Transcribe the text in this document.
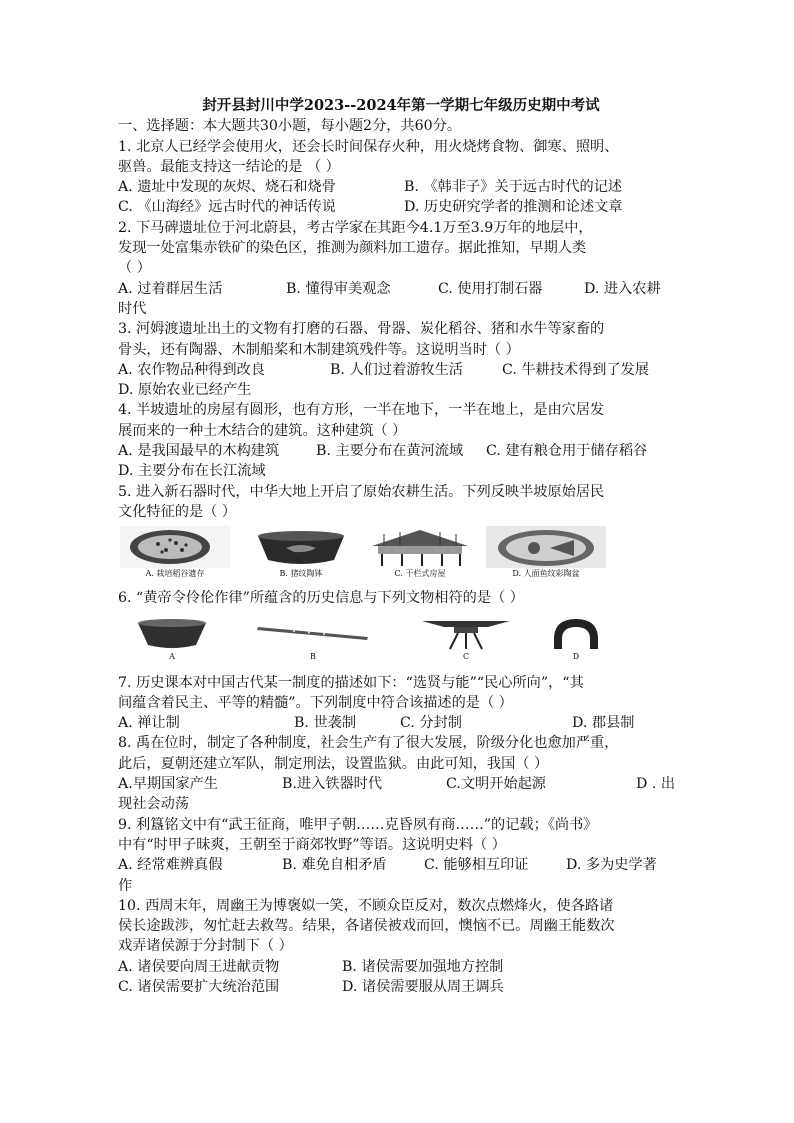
封开县封川中学2023--2024年第一学期七年级历史期中考试
一、选择题：本大题共30小题，每小题2分，共60分。
1. 北京人已经学会使用火，还会长时间保存火种，用火烧烤食物、御寒、照明、
驱兽。最能支持这一结论的是 （ ）
A. 遗址中发现的灰烬、烧石和烧骨	B. 《韩非子》关于远古时代的记述
C. 《山海经》远古时代的神话传说	D. 历史研究学者的推测和论述文章
2. 下马碑遗址位于河北蔚县，考古学家在其距今4.1万至3.9万年的地层中，
发现一处富集赤铁矿的染色区，推测为颜料加工遗存。据此推知，早期人类
（ ）
A. 过着群居生活	B. 懂得审美观念	C. 使用打制石器	D. 进入农耕
时代
3. 河姆渡遗址出土的文物有打磨的石器、骨器、炭化稻谷、猪和水牛等家畜的
骨头，还有陶器、木制船桨和木制建筑残件等。这说明当时（ ）
A. 农作物品种得到改良	B. 人们过着游牧生活	C. 牛耕技术得到了发展
D. 原始农业已经产生
4. 半坡遗址的房屋有圆形，也有方形，一半在地下，一半在地上，是由穴居发
展而来的一种土木结合的建筑。这种建筑（ ）
A. 是我国最早的木构建筑	B. 主要分布在黄河流域	C. 建有粮仓用于储存稻谷
D. 主要分布在长江流域
5. 进入新石器时代，中华大地上开启了原始农耕生活。下列反映半坡原始居民
文化特征的是（ ）
A. 栽培稻谷遗存	B. 猪纹陶钵	C. 干栏式房屋	D. 人面鱼纹彩陶盆
6. “黄帝令伶伦作律”所蕴含的历史信息与下列文物相符的是（ ）
A	B	C	D
7. 历史课本对中国古代某一制度的描述如下：“选贤与能”“民心所向”，“其
间蕴含着民主、平等的精髓”。下列制度中符合该描述的是（ ）
A. 禅让制	B. 世袭制	C. 分封制	D. 郡县制
8. 禹在位时，制定了各种制度，社会生产有了很大发展，阶级分化也愈加严重，
此后，夏朝还建立军队，制定刑法，设置监狱。由此可知，我国（ ）
A.早期国家产生	B.进入铁器时代	C.文明开始起源	D . 出
现社会动荡
9. 利簋铭文中有“武王征商，唯甲子朝……克昏夙有商……”的记载；《尚书》
中有“时甲子昧爽，王朝至于商郊牧野”等语。这说明史料（ ）
A. 经常难辨真假	B. 难免自相矛盾	C. 能够相互印证	D. 多为史学著
作
10. 西周末年，周幽王为博褒姒一笑，不顾众臣反对，数次点燃烽火，使各路诸
侯长途跋涉，匆忙赶去救驾。结果，各诸侯被戏而回，懊恼不已。周幽王能数次
戏弄诸侯源于分封制下（ ）
A. 诸侯要向周王进献贡物	B. 诸侯需要加强地方控制
C. 诸侯需要扩大统治范围	D. 诸侯需要服从周王调兵
